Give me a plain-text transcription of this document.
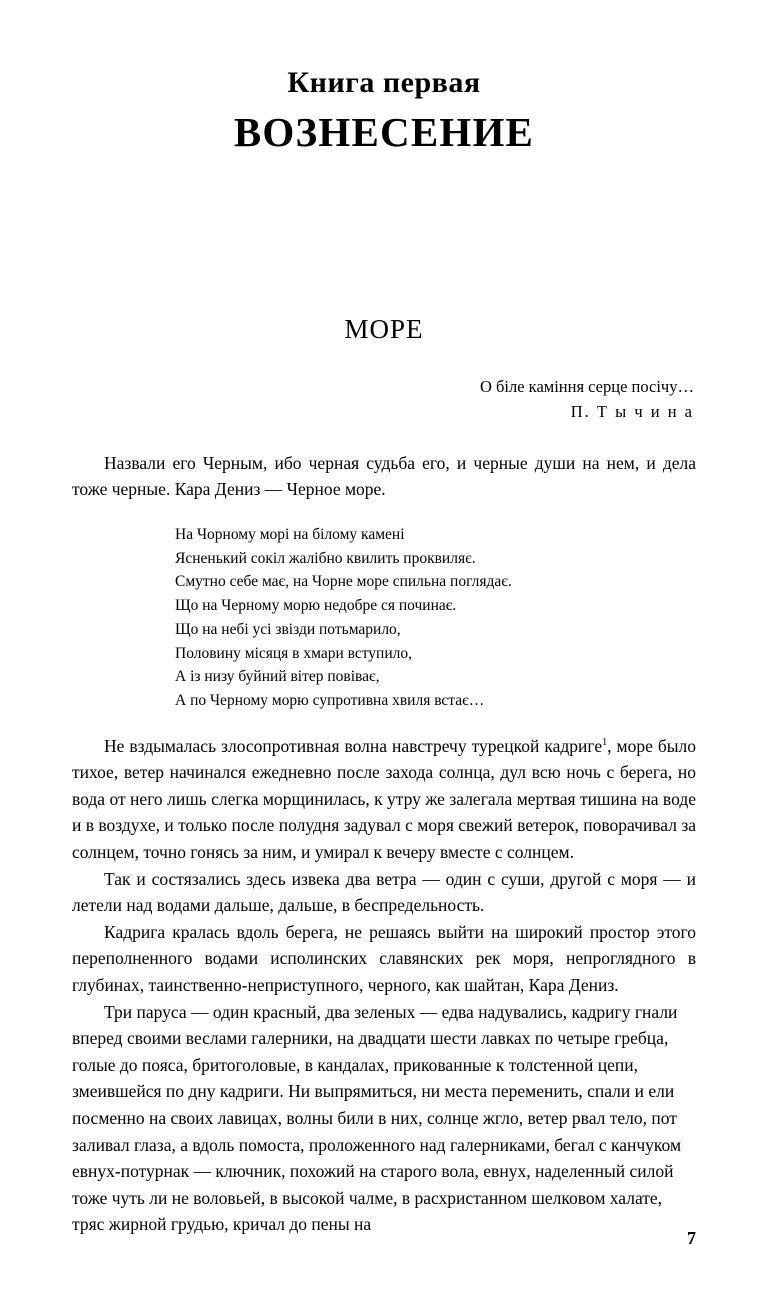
Книга первая
ВОЗНЕСЕНИЕ
МОРЕ
О біле каміння серце посічу…
П. Т ы ч и н а

Назвали его Черным, ибо черная судьба его, и черные души на нем, и дела тоже черные. Кара Дениз — Черное море.

На Чорному морі на білому камені
Ясненький сокіл жалібно квилить проквиляє.
Смутно себе має, на Чорне море спильна поглядає.
Що на Черному морю недобре ся починає.
Що на небі усі звізди потьмарило,
Половину місяця в хмари вступило,
А із низу буйний вітер повіває,
А по Черному морю супротивна хвиля встає…

Не вздымалась злосопротивная волна навстречу турецкой кадриге$^1$, море было тихое, ветер начинался ежедневно после захода солнца, дул всю ночь с берега, но вода от него лишь слегка морщинилась, к утру же залегала мертвая тишина на воде и в воздухе, и только после полудня задувал с моря свежий ветерок, поворачивал за солнцем, точно гонясь за ним, и умирал к вечеру вместе с солнцем.

Так и состязались здесь извека два ветра — один с суши, другой с моря — и летели над водами дальше, дальше, в беспредельность.

Кадрига кралась вдоль берега, не решаясь выйти на широкий простор этого переполненного водами исполинских славянских рек моря, непроглядного в глубинах, таинственно-неприступного, черного, как шайтан, Кара Дениз.

Три паруса — один красный, два зеленых — едва надувались, кадригу гнали вперед своими веслами галерники, на двадцати шести лавках по четыре гребца, голые до пояса, бритоголовые, в кандалах, прикованные к толстенной цепи, змеившейся по дну кадриги. Ни выпрямиться, ни места переменить, спали и ели посменно на своих лавицах, волны били в них, солнце жгло, ветер рвал тело, пот заливал глаза, а вдоль помоста, проложенного над галерниками, бегал с канчуком евнух-потурнак — ключник, похожий на старого вола, евнух, наделенный силой тоже чуть ли не воловьей, в высокой чалме, в расхристанном шелковом халате, тряс жирной грудью, кричал до пены на

7
